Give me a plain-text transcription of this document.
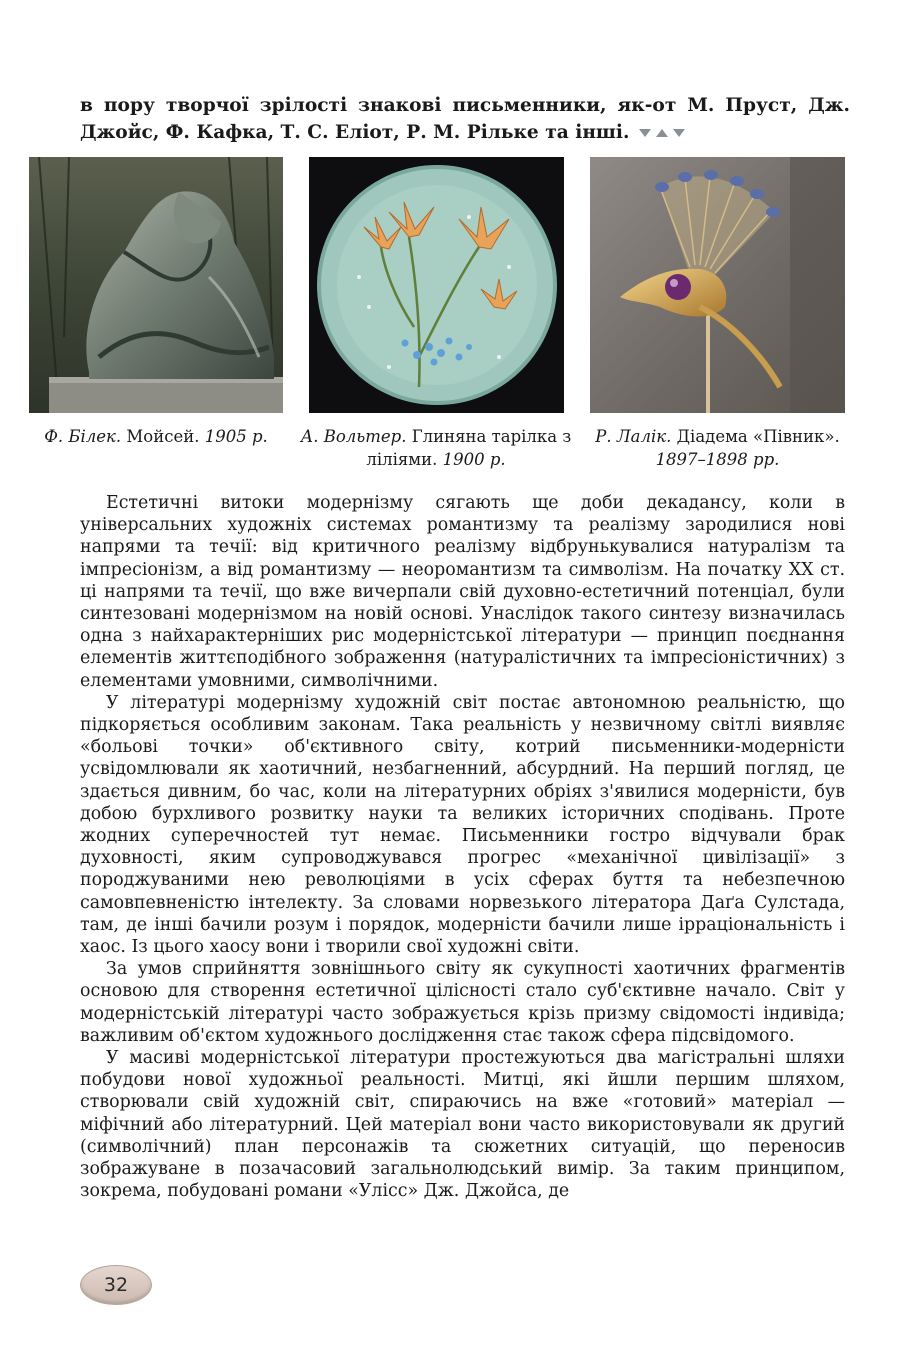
в пору творчої зрілості знакові письменники, як-от М. Пруст, Дж. Джойс, Ф. Кафка, Т. С. Еліот, Р. М. Рільке та інші.

Ф. Білек. Мойсей. 1905 р.	А. Вольтер. Глиняна тарілка з ліліями. 1900 р.
Р. Лалік. Діадема «Півник». 1897–1898 рр.

Естетичні витоки модернізму сягають ще доби декадансу, коли в універсальних художніх системах романтизму та реалізму зародилися нові напрями та течії: від критичного реалізму відбрунькувалися натуралізм та імпресіонізм, а від романтизму — неоромантизм та символізм. На початку ХХ ст. ці напрями та течії, що вже вичерпали свій духовно-естетичний потенціал, були синтезовані модернізмом на новій основі. Унаслідок такого синтезу визначилась одна з найхарактерніших рис модерністської літератури — принцип поєднання елементів життєподібного зображення (натуралістичних та імпресіоністичних) з елементами умовними, символічними.

У літературі модернізму художній світ постає автономною реальністю, що підкоряється особливим законам. Така реальність у незвичному світлі виявляє «больові точки» об'єктивного світу, котрий письменники-модерністи усвідомлювали як хаотичний, незбагненний, абсурдний. На перший погляд, це здається дивним, бо час, коли на літературних обріях з'явилися модерністи, був добою бурхливого розвитку науки та великих історичних сподівань. Проте жодних суперечностей тут немає. Письменники гостро відчували брак духовності, яким супроводжувався прогрес «механічної цивілізації» з породжуваними нею революціями в усіх сферах буття та небезпечною самовпевненістю інтелекту. За словами норвезького літератора Даґа Сулстада, там, де інші бачили розум і порядок, модерністи бачили лише ірраціональність і хаос. Із цього хаосу вони і творили свої художні світи.

За умов сприйняття зовнішнього світу як сукупності хаотичних фрагментів основою для створення естетичної цілісності стало суб'єктивне начало. Світ у модерністській літературі часто зображується крізь призму свідомості індивіда; важливим об'єктом художнього дослідження стає також сфера підсвідомого.

У масиві модерністської літератури простежуються два магістральні шляхи побудови нової художньої реальності. Митці, які йшли першим шляхом, створювали свій художній світ, спираючись на вже «готовий» матеріал — міфічний або літературний. Цей матеріал вони часто використовували як другий (символічний) план персонажів та сюжетних ситуацій, що переносив зображуване в позачасовий загальнолюдський вимір. За таким принципом, зокрема, побудовані романи «Улісс» Дж. Джойса, де

32
